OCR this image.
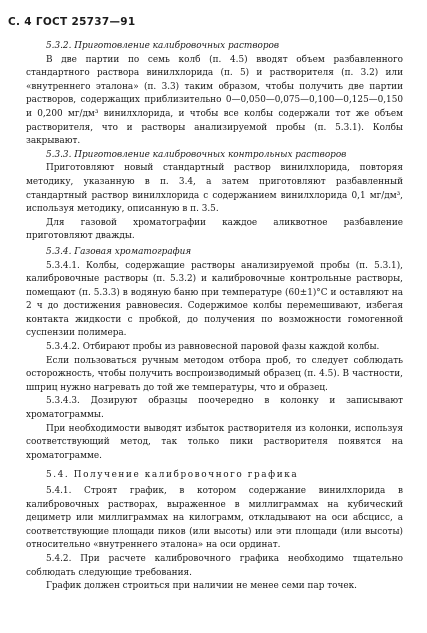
С. 4 ГОСТ 25737—91

5.3.2. Приготовление калибровочных растворов

В две партии по семь колб (п. 4.5) вводят объем разбавленного стандартного раствора винилхлорида (п. 5) и растворителя (п. 3.2) или «внутреннего эталона» (п. 3.3) таким образом, чтобы получить две партии растворов, содержащих приблизительно 0—0,050—0,075—0,100—0,125—0,150 и 0,200 мг/дм³ винилхлорида, и чтобы все колбы содержали тот же объем растворителя, что и растворы анализируемой пробы (п. 5.3.1). Колбы закрывают.

5.3.3. Приготовление калибровочных контрольных растворов

Приготовляют новый стандартный раствор винилхлорида, повторяя методику, указанную в п. 3.4, а затем приготовляют разбавленный стандартный раствор винилхлорида с содержанием винилхлорида 0,1 мг/дм³, используя методику, описанную в п. 3.5.

Для газовой хроматографии каждое аликвотное разбавление приготовляют дважды.

5.3.4. Газовая хроматография

5.3.4.1. Колбы, содержащие растворы анализируемой пробы (п. 5.3.1), калибровочные растворы (п. 5.3.2) и калибровочные контрольные растворы, помещают (п. 5.3.3) в водяную баню при температуре (60±1)°С и оставляют на 2 ч до достижения равновесия. Содержимое колбы перемешивают, избегая контакта жидкости с пробкой, до получения по возможности гомогенной суспензии полимера.

5.3.4.2. Отбирают пробы из равновесной паровой фазы каждой колбы.

Если пользоваться ручным методом отбора проб, то следует соблюдать осторожность, чтобы получить воспроизводимый образец (п. 4.5). В частности, шприц нужно нагревать до той же температуры, что и образец.

5.3.4.3. Дозируют образцы поочередно в колонку и записывают хроматограммы.

При необходимости выводят избыток растворителя из колонки, используя соответствующий метод, так только пики растворителя появятся на хроматограмме.

5.4. Получение калибровочного графика

5.4.1. Строят график, в котором содержание винилхлорида в калибровочных растворах, выраженное в миллиграммах на кубический дециметр или миллиграммах на килограмм, откладывают на оси абсцисс, а соответствующие площади пиков (или высоты) или эти площади (или высоты) относительно «внутреннего эталона» на оси ординат.

5.4.2. При расчете калибровочного графика необходимо тщательно соблюдать следующие требования.

График должен строиться при наличии не менее семи пар точек.
